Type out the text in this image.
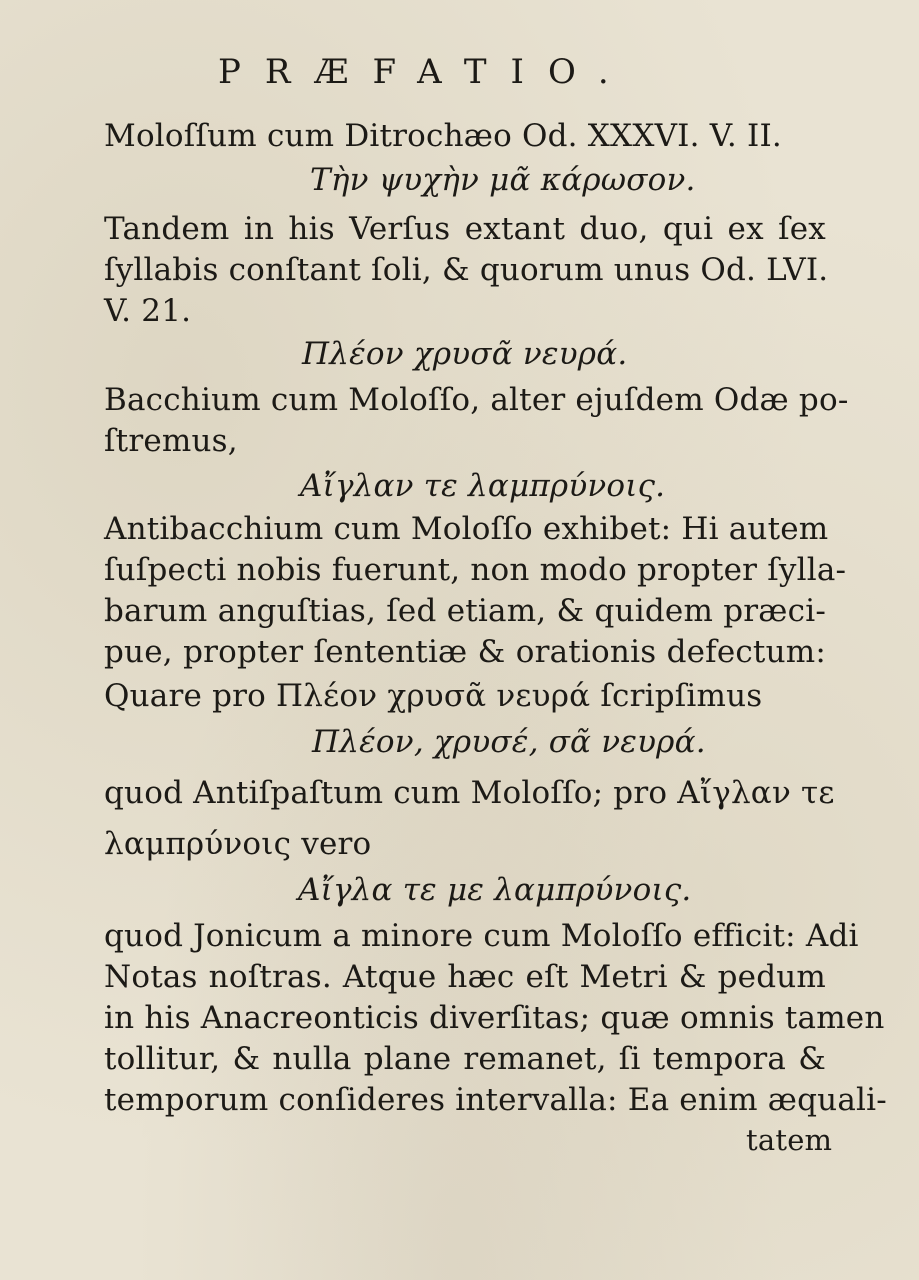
PRÆFATIO.
Moloſſum cum Ditrochæo Od. XXXVI. V. II.
Τὴν ψυχὴν μᾶ κάρωσον.
Tandem in his Verſus extant duo, qui ex ſex
ſyllabis conſtant ſoli, & quorum unus Od. LVI.
V. 21.
Πλέον χρυσᾶ νευρά.
Bacchium cum Moloſſo, alter ejuſdem Odæ po-
ſtremus,
Αἴγλαν τε λαμπρύνοις.
Antibacchium cum Moloſſo exhibet: Hi autem
ſuſpecti nobis fuerunt, non modo propter ſylla-
barum anguſtias, ſed etiam, & quidem præci-
pue, propter ſententiæ & orationis defectum:
Quare pro Πλέον χρυσᾶ νευρά ſcripſimus
Πλέον, χρυσέ, σᾶ νευρά.
quod Antiſpaſtum cum Moloſſo; pro Αἴγλαν τε
λαμπρύνοις vero
Αἴγλα τε με λαμπρύνοις.
quod Jonicum a minore cum Moloſſo efficit: Adi
Notas noſtras. Atque hæc eſt Metri & pedum
in his Anacreonticis diverſitas; quæ omnis tamen
tollitur, & nulla plane remanet, ſi tempora &
temporum conſideres intervalla: Ea enim æquali-
tatem
